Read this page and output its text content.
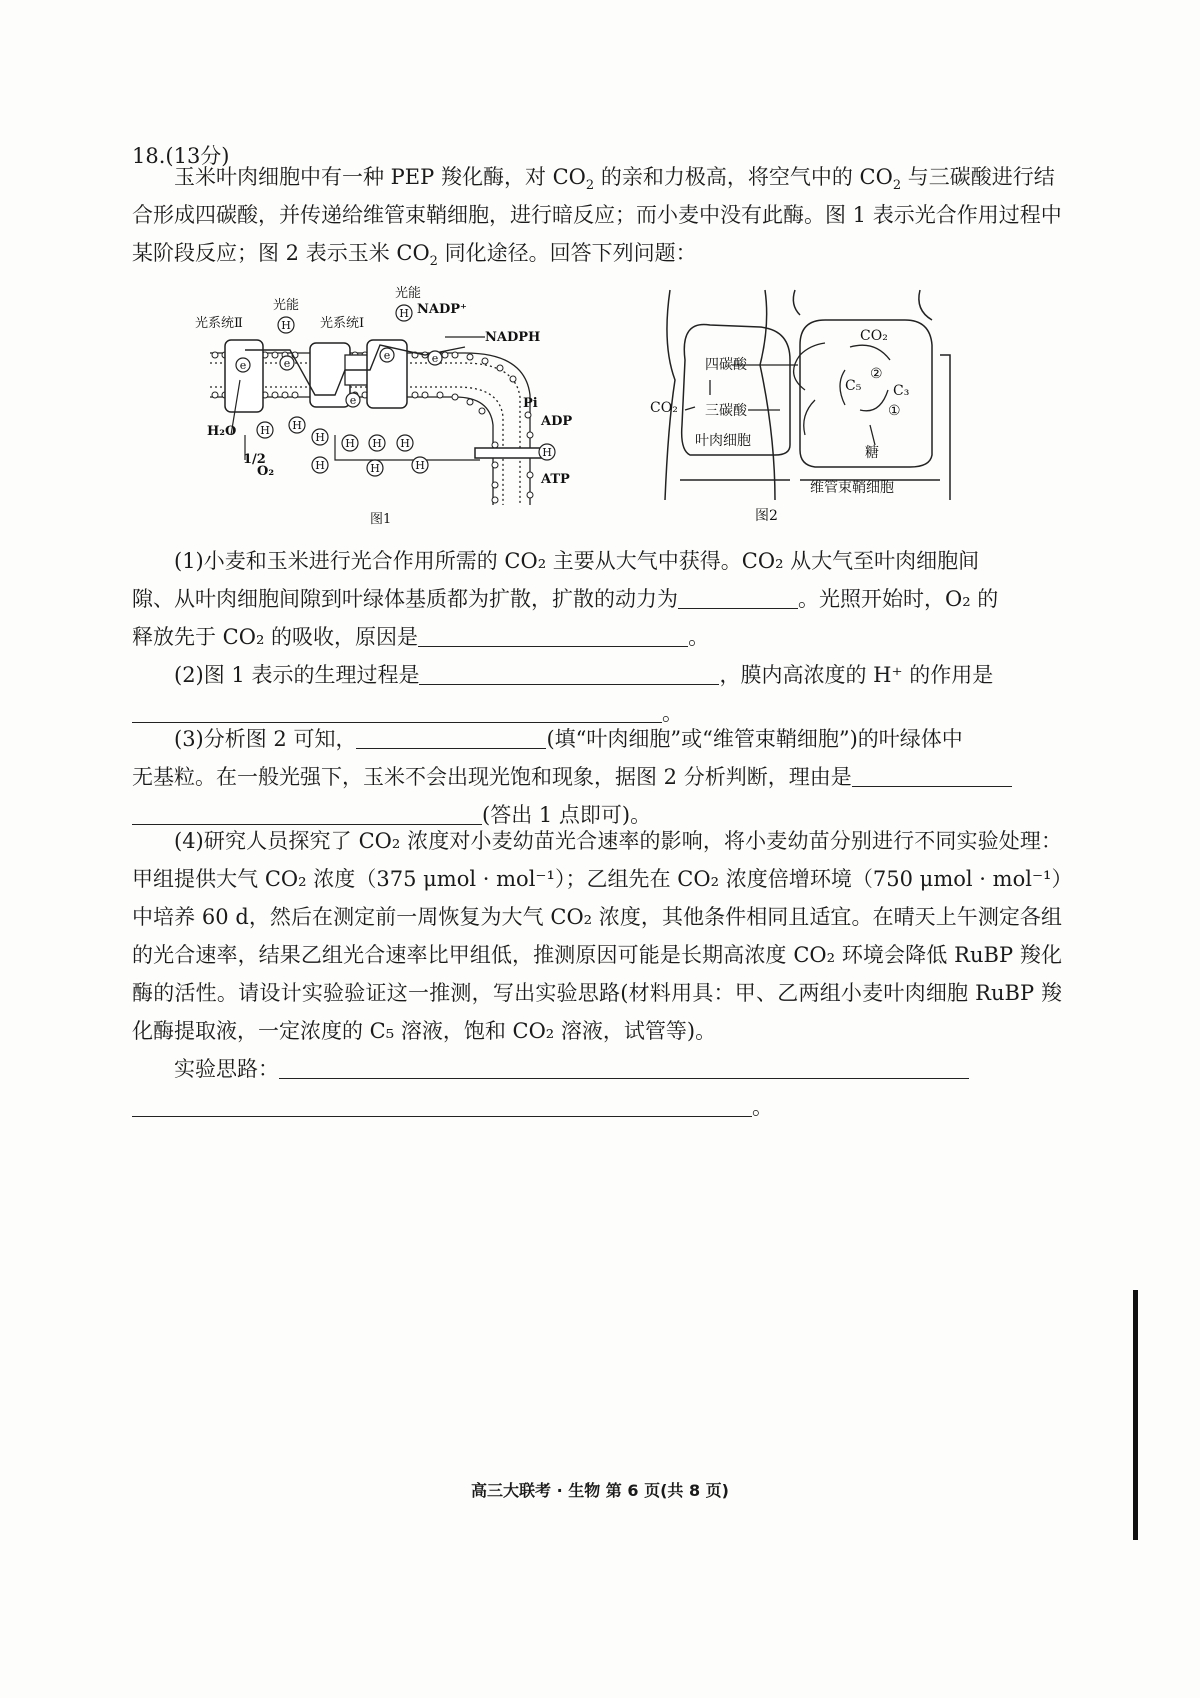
18.(13分)

玉米叶肉细胞中有一种 PEP 羧化酶，对 $CO_2$ 的亲和力极高，将空气中的 $CO_2$ 与三碳酸进行结合形成四碳酸，并传递给维管束鞘细胞，进行暗反应；而小麦中没有此酶。图 1 表示光合作用过程中某阶段反应；图 2 表示玉米 $CO_2$ 同化途径。回答下列问题：

H
H
H H
H H H H
H	H	H
H
e	e
e
e	e
光系统Ⅱ
光能
光系统Ⅰ
光能
NADP⁺
NADPH
H₂O
1/2
O₂
Pi
ADP
ATP
图1
四碳酸
三碳酸
CO₂
CO₂
C₅ C₃
②
①
糖
叶肉细胞
维管束鞘细胞
图2

(1)小麦和玉米进行光合作用所需的 CO₂ 主要从大气中获得。CO₂ 从大气至叶肉细胞间

隙、从叶肉细胞间隙到叶绿体基质都为扩散，扩散的动力为	。光照开始时，O₂ 的

释放先于 CO₂ 的吸收，原因是	。

(2)图 1 表示的生理过程是	，膜内高浓度的 H⁺ 的作用是

。

(3)分析图 2 可知，	(填“叶肉细胞”或“维管束鞘细胞”)的叶绿体中

无基粒。在一般光强下，玉米不会出现光饱和现象，据图 2 分析判断，理由是

(答出 1 点即可)。

(4)研究人员探究了 CO₂ 浓度对小麦幼苗光合速率的影响，将小麦幼苗分别进行不同实验处理：甲组提供大气 CO₂ 浓度（375 μmol · mol⁻¹）；乙组先在 CO₂ 浓度倍增环境（750 μmol · mol⁻¹）中培养 60 d，然后在测定前一周恢复为大气 CO₂ 浓度，其他条件相同且适宜。在晴天上午测定各组的光合速率，结果乙组光合速率比甲组低，推测原因可能是长期高浓度 CO₂ 环境会降低 RuBP 羧化酶的活性。请设计实验验证这一推测，写出实验思路(材料用具：甲、乙两组小麦叶肉细胞 RuBP 羧化酶提取液，一定浓度的 C₅ 溶液，饱和 CO₂ 溶液，试管等)。

实验思路：

。

高三大联考 · 生物 第 6 页(共 8 页)
